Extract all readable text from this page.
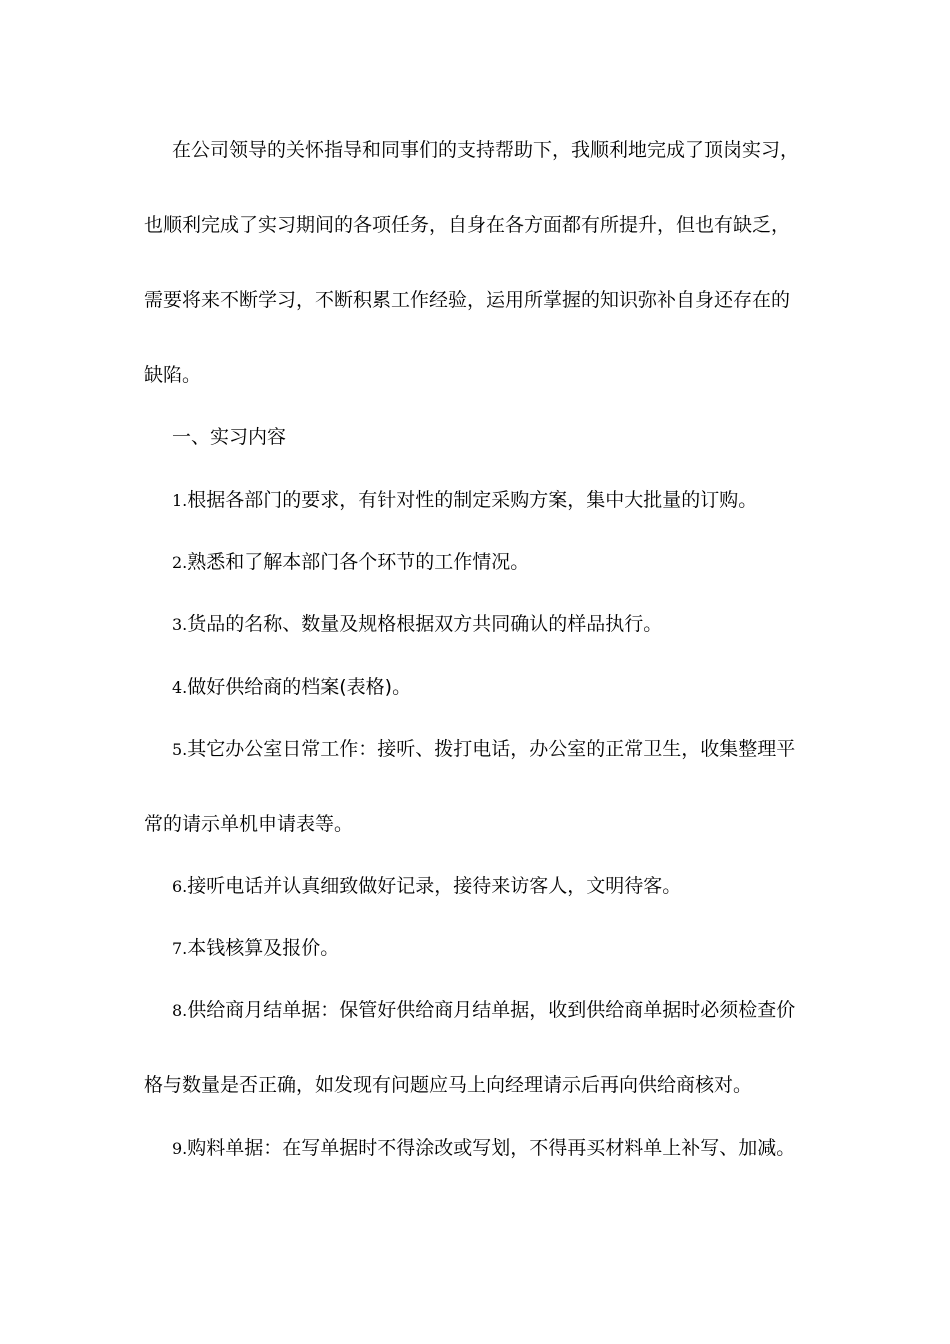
在公司领导的关怀指导和同事们的支持帮助下，我顺利地完成了顶岗实习，
也顺利完成了实习期间的各项任务，自身在各方面都有所提升，但也有缺乏，
需要将来不断学习，不断积累工作经验，运用所掌握的知识弥补自身还存在的
缺陷。
一、实习内容
1.根据各部门的要求，有针对性的制定采购方案，集中大批量的订购。
2.熟悉和了解本部门各个环节的工作情况。
3.货品的名称、数量及规格根据双方共同确认的样品执行。
4.做好供给商的档案(表格)。
5.其它办公室日常工作：接听、拨打电话，办公室的正常卫生，收集整理平
常的请示单机申请表等。
6.接听电话并认真细致做好记录，接待来访客人，文明待客。
7.本钱核算及报价。
8.供给商月结单据：保管好供给商月结单据，收到供给商单据时必须检查价
格与数量是否正确，如发现有问题应马上向经理请示后再向供给商核对。
9.购料单据：在写单据时不得涂改或写划，不得再买材料单上补写、加减。
